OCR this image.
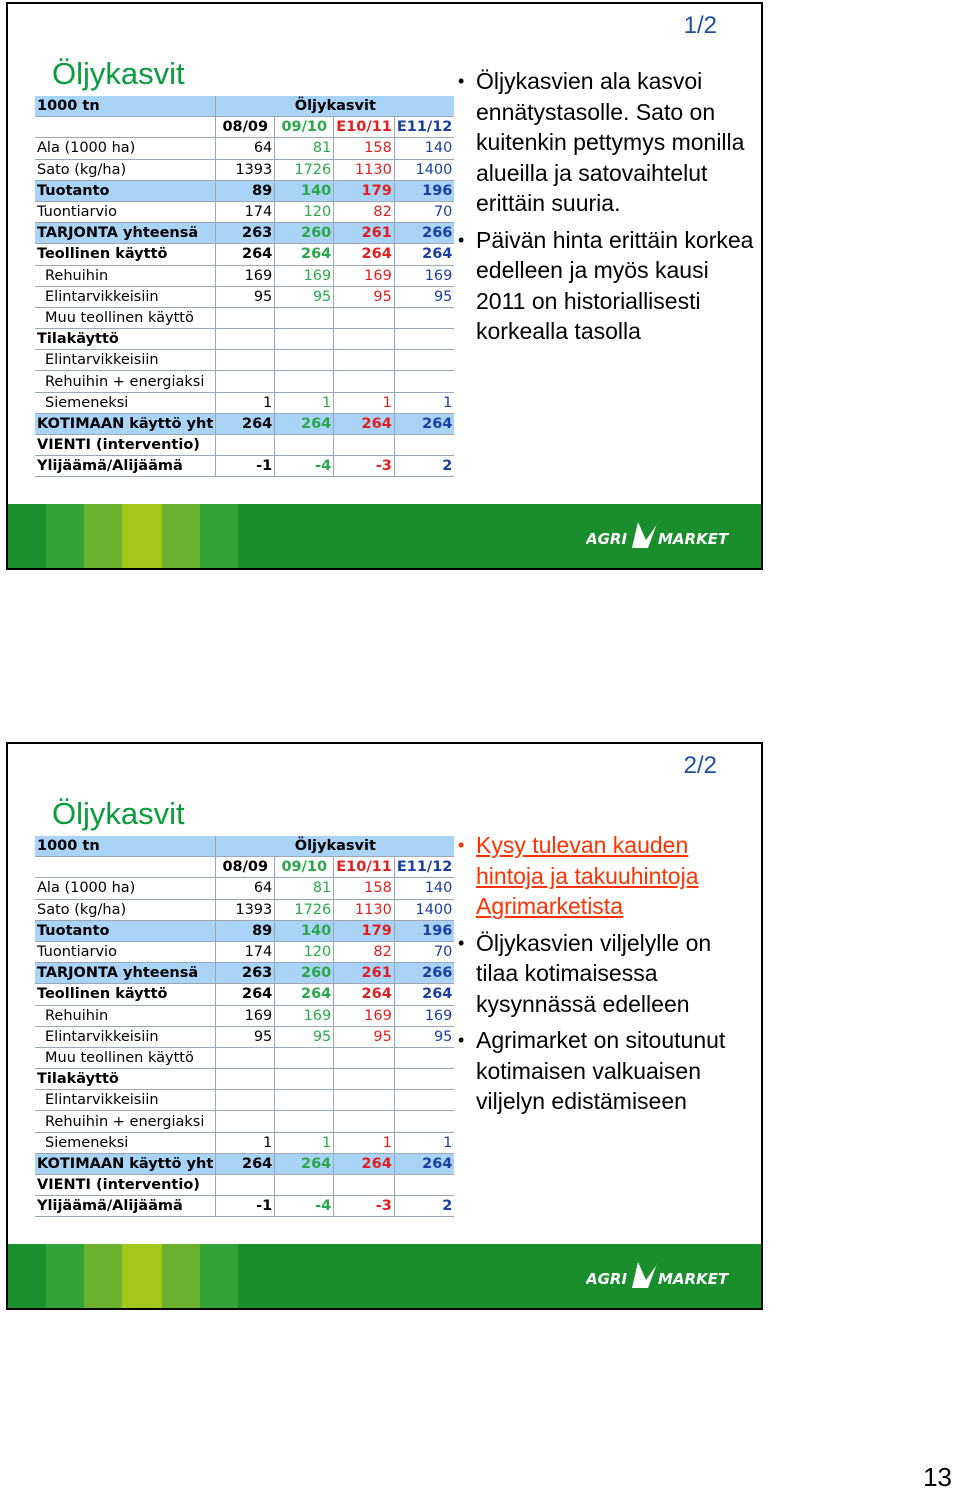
1/2
Öljykasvit
1000 tn	Öljykasvit			
	08/09	09/10	E10/11	E11/12
Ala (1000 ha)	64	81	158	140
Sato (kg/ha)	1393	1726	1130	1400
Tuotanto	89	140	179	196
Tuontiarvio	174	120	82	70
TARJONTA yhteensä	263	260	261	266
Teollinen käyttö	264	264	264	264
Rehuihin	169	169	169	169
Elintarvikkeisiin	95	95	95	95
Muu teollinen käyttö				
Tilakäyttö				
Elintarvikkeisiin				
Rehuihin + energiaksi				
Siemeneksi	1	1	1	1
KOTIMAAN käyttö yht	264	264	264	264
VIENTI (interventio)				
Ylijäämä/Alijäämä	-1	-4	-3	2
• Öljykasvien ala kasvoi ennätystasolle. Sato on kuitenkin pettymys monilla alueilla ja satovaihtelut erittäin suuria.
• Päivän hinta erittäin korkea edelleen ja myös kausi 2011 on historiallisesti korkealla tasolla
AGRI MARKET
2/2
Öljykasvit
1000 tn	Öljykasvit			
	08/09	09/10	E10/11	E11/12
Ala (1000 ha)	64	81	158	140
Sato (kg/ha)	1393	1726	1130	1400
Tuotanto	89	140	179	196
Tuontiarvio	174	120	82	70
TARJONTA yhteensä	263	260	261	266
Teollinen käyttö	264	264	264	264
Rehuihin	169	169	169	169
Elintarvikkeisiin	95	95	95	95
Muu teollinen käyttö				
Tilakäyttö				
Elintarvikkeisiin				
Rehuihin + energiaksi				
Siemeneksi	1	1	1	1
KOTIMAAN käyttö yht	264	264	264	264
VIENTI (interventio)				
Ylijäämä/Alijäämä	-1	-4	-3	2
• Kysy tulevan kauden hintoja ja takuuhintoja Agrimarketista
• Öljykasvien viljelylle on tilaa kotimaisessa kysynnässä edelleen
• Agrimarket on sitoutunut kotimaisen valkuaisen viljelyn edistämiseen
AGRI MARKET
13
